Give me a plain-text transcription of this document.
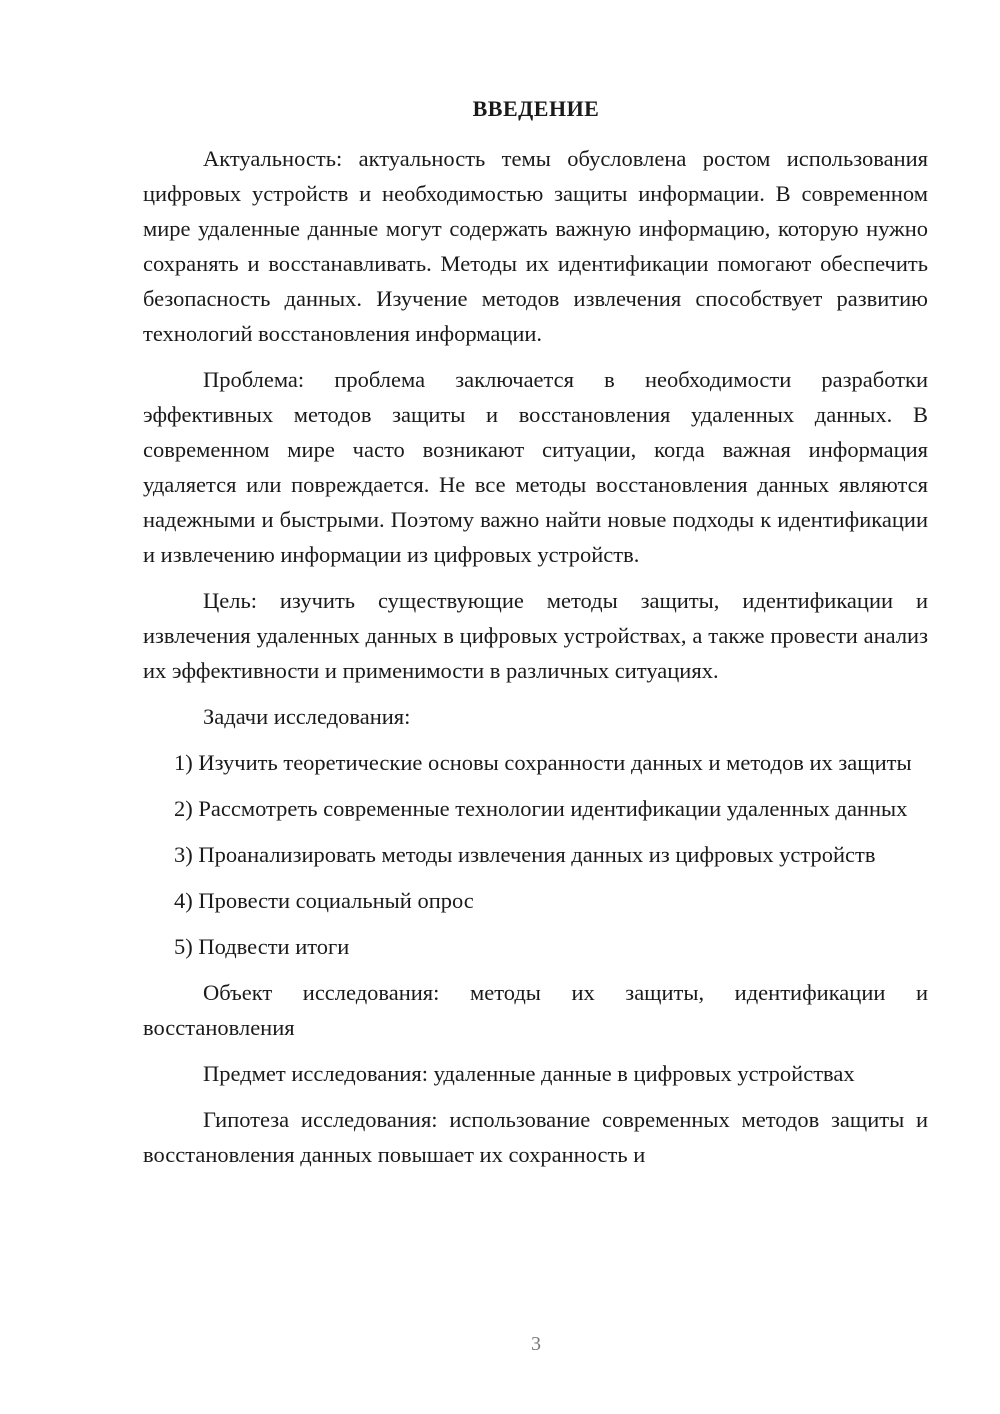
ВВЕДЕНИЕ

Актуальность: актуальность темы обусловлена ростом использования цифровых устройств и необходимостью защиты информации. В современном мире удаленные данные могут содержать важную информацию, которую нужно сохранять и восстанавливать. Методы их идентификации помогают обеспечить безопасность данных. Изучение методов извлечения способствует развитию технологий восстановления информации.

Проблема: проблема заключается в необходимости разработки эффективных методов защиты и восстановления удаленных данных. В современном мире часто возникают ситуации, когда важная информация удаляется или повреждается. Не все методы восстановления данных являются надежными и быстрыми. Поэтому важно найти новые подходы к идентификации и извлечению информации из цифровых устройств.

Цель: изучить существующие методы защиты, идентификации и извлечения удаленных данных в цифровых устройствах, а также провести анализ их эффективности и применимости в различных ситуациях.

Задачи исследования:

1) Изучить теоретические основы сохранности данных и методов их защиты

2) Рассмотреть современные технологии идентификации удаленных данных

3) Проанализировать методы извлечения данных из цифровых устройств

4) Провести социальный опрос

5) Подвести итоги

Объект исследования: методы их защиты, идентификации и восстановления

Предмет исследования: удаленные данные в цифровых устройствах

Гипотеза исследования: использование современных методов защиты и восстановления данных повышает их сохранность и

3
